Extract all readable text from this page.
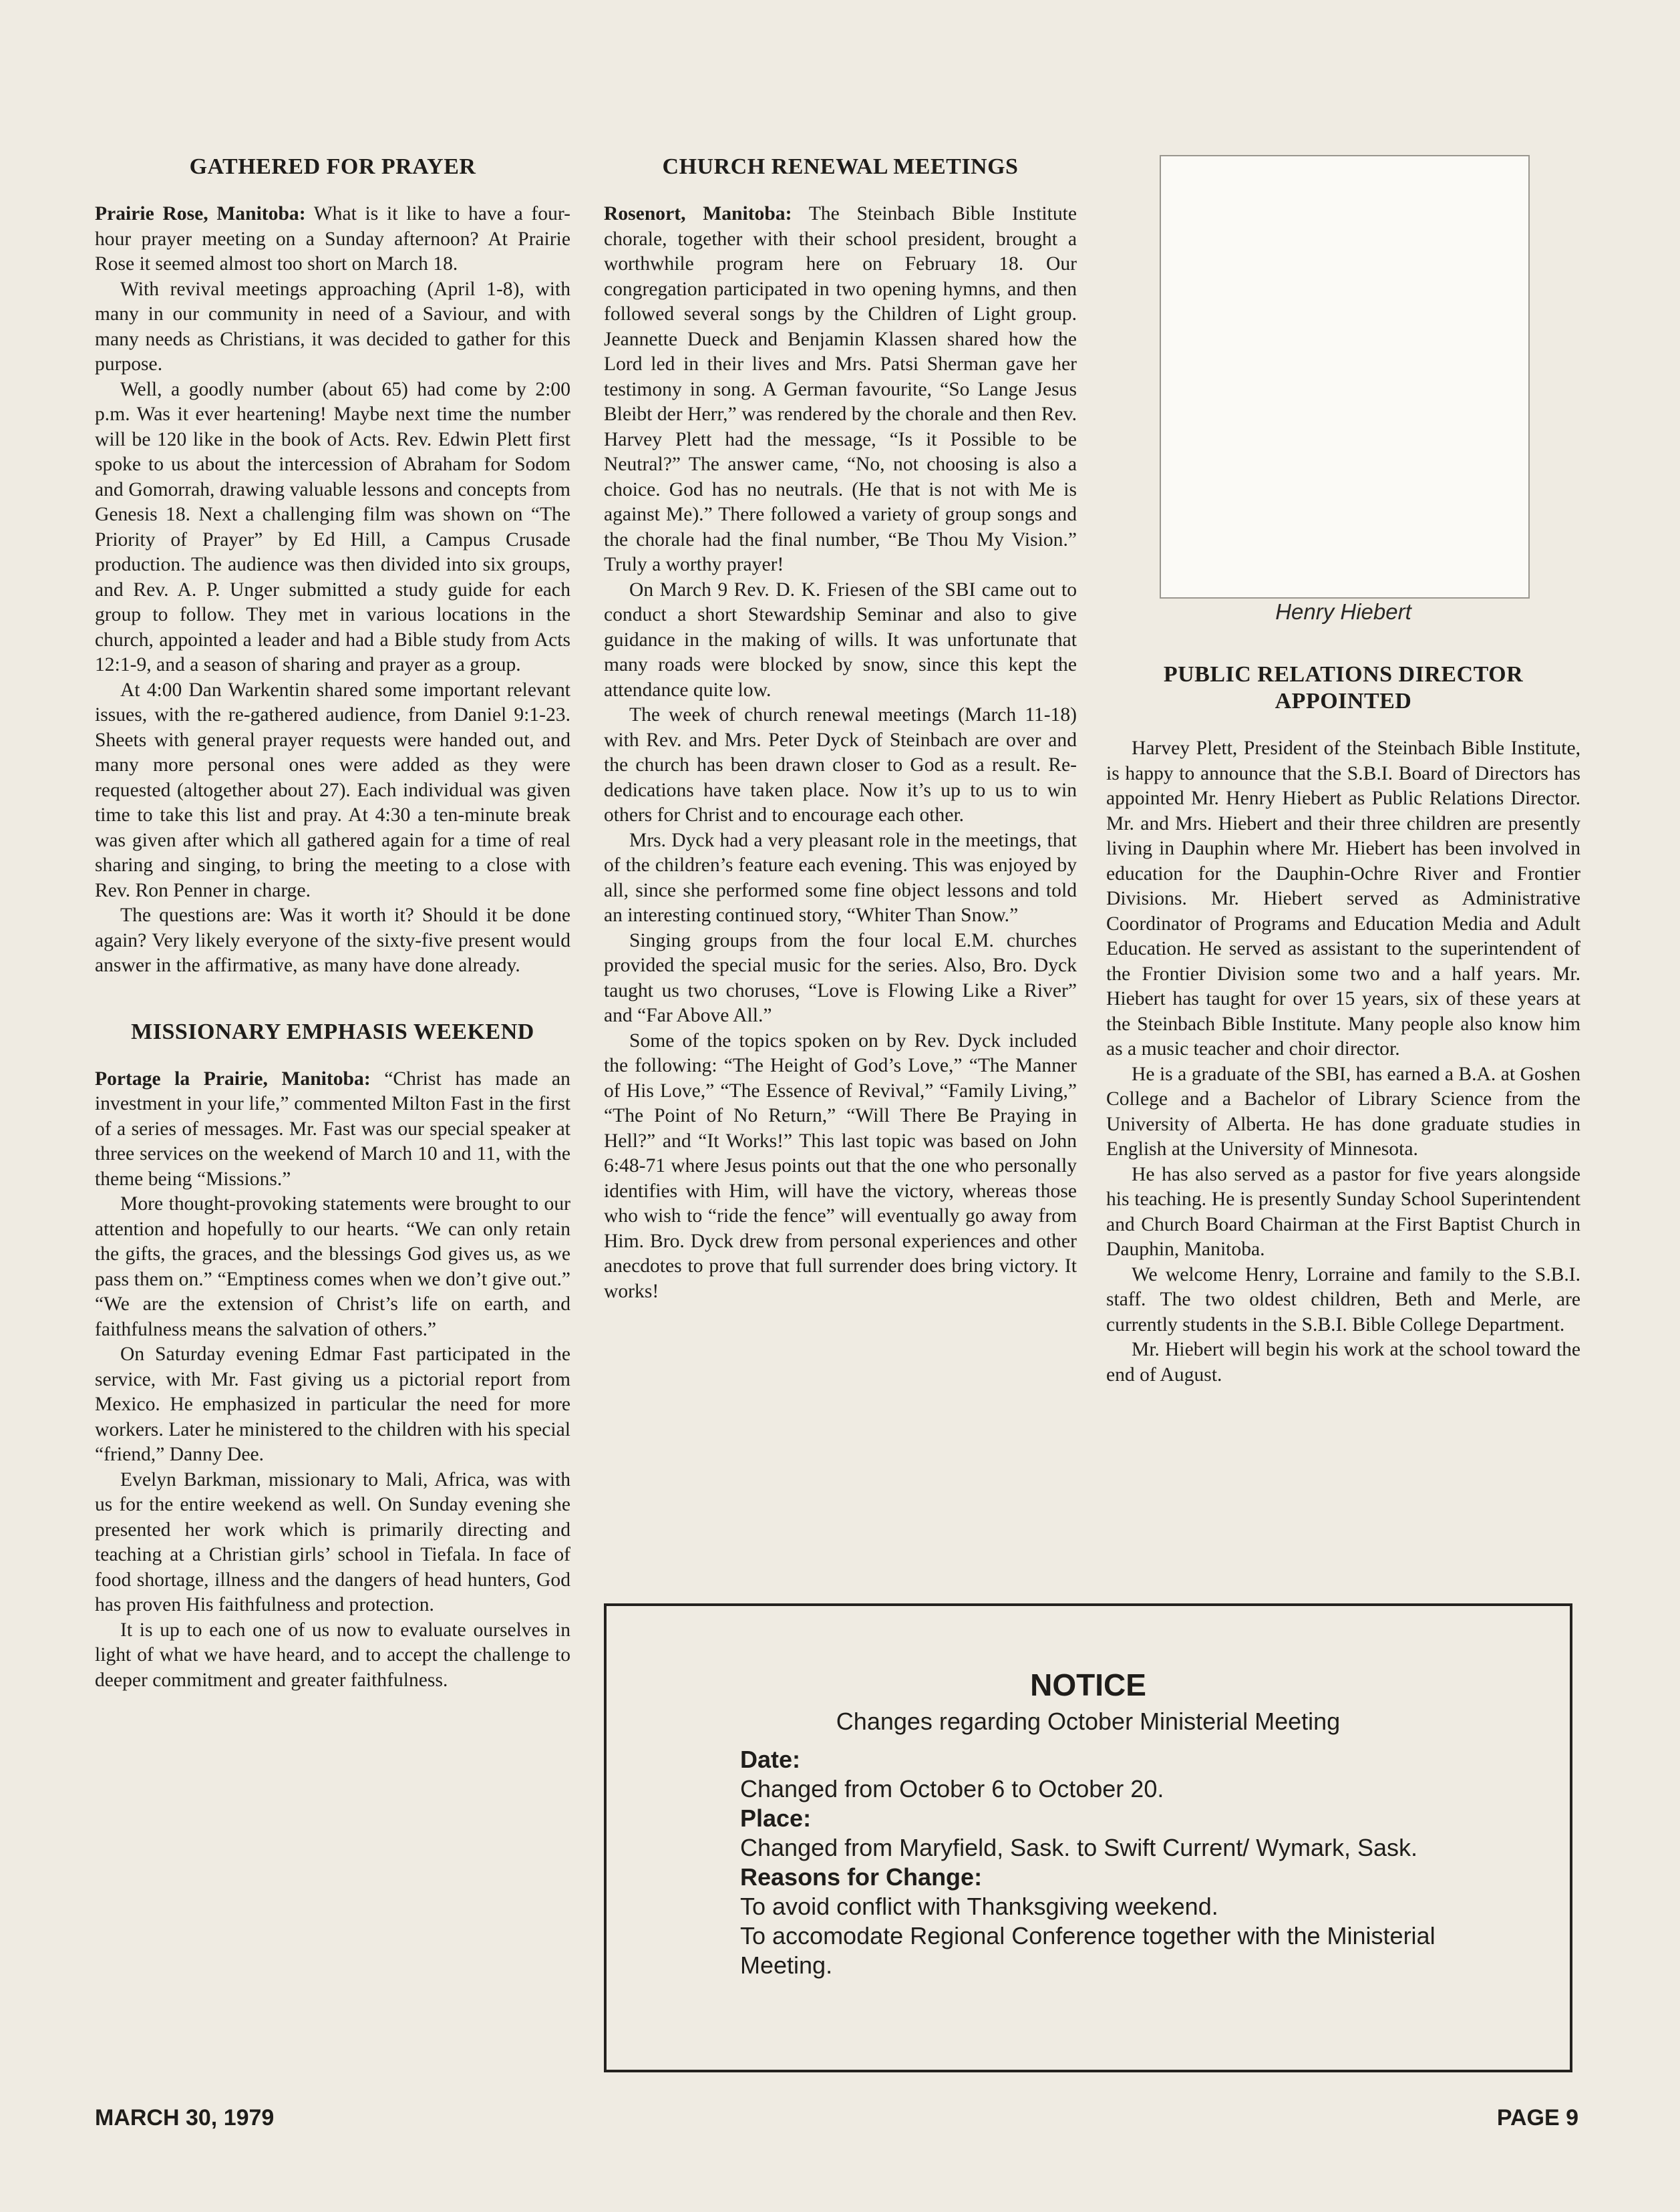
GATHERED FOR PRAYER

Prairie Rose, Manitoba: What is it like to have a four-hour prayer meeting on a Sunday afternoon? At Prairie Rose it seemed almost too short on March 18.

With revival meetings approaching (April 1-8), with many in our community in need of a Saviour, and with many needs as Christians, it was decided to gather for this purpose.

Well, a goodly number (about 65) had come by 2:00 p.m. Was it ever heartening! Maybe next time the number will be 120 like in the book of Acts. Rev. Edwin Plett first spoke to us about the intercession of Abraham for Sodom and Gomorrah, drawing valuable lessons and concepts from Genesis 18. Next a challenging film was shown on “The Priority of Prayer” by Ed Hill, a Campus Crusade production. The audience was then divided into six groups, and Rev. A. P. Unger submitted a study guide for each group to follow. They met in various locations in the church, appointed a leader and had a Bible study from Acts 12:1-9, and a season of sharing and prayer as a group.

At 4:00 Dan Warkentin shared some important relevant issues, with the re-gathered audience, from Daniel 9:1-23. Sheets with general prayer requests were handed out, and many more personal ones were added as they were requested (altogether about 27). Each individual was given time to take this list and pray. At 4:30 a ten-minute break was given after which all gathered again for a time of real sharing and singing, to bring the meeting to a close with Rev. Ron Penner in charge.

The questions are: Was it worth it? Should it be done again? Very likely everyone of the sixty-five present would answer in the affirmative, as many have done already.

MISSIONARY EMPHASIS WEEKEND

Portage la Prairie, Manitoba: “Christ has made an investment in your life,” commented Milton Fast in the first of a series of messages. Mr. Fast was our special speaker at three services on the weekend of March 10 and 11, with the theme being “Missions.”

More thought-provoking statements were brought to our attention and hopefully to our hearts. “We can only retain the gifts, the graces, and the blessings God gives us, as we pass them on.” “Emptiness comes when we don’t give out.” “We are the extension of Christ’s life on earth, and faithfulness means the salvation of others.”

On Saturday evening Edmar Fast participated in the service, with Mr. Fast giving us a pictorial report from Mexico. He emphasized in particular the need for more workers. Later he ministered to the children with his special “friend,” Danny Dee.

Evelyn Barkman, missionary to Mali, Africa, was with us for the entire weekend as well. On Sunday evening she presented her work which is primarily directing and teaching at a Christian girls’ school in Tiefala. In face of food shortage, illness and the dangers of head hunters, God has proven His faithfulness and protection.

It is up to each one of us now to evaluate ourselves in light of what we have heard, and to accept the challenge to deeper commitment and greater faithfulness.

CHURCH RENEWAL MEETINGS

Rosenort, Manitoba: The Steinbach Bible Institute chorale, together with their school president, brought a worthwhile program here on February 18. Our congregation participated in two opening hymns, and then followed several songs by the Children of Light group. Jeannette Dueck and Benjamin Klassen shared how the Lord led in their lives and Mrs. Patsi Sherman gave her testimony in song. A German favourite, “So Lange Jesus Bleibt der Herr,” was rendered by the chorale and then Rev. Harvey Plett had the message, “Is it Possible to be Neutral?” The answer came, “No, not choosing is also a choice. God has no neutrals. (He that is not with Me is against Me).” There followed a variety of group songs and the chorale had the final number, “Be Thou My Vision.” Truly a worthy prayer!

On March 9 Rev. D. K. Friesen of the SBI came out to conduct a short Stewardship Seminar and also to give guidance in the making of wills. It was unfortunate that many roads were blocked by snow, since this kept the attendance quite low.

The week of church renewal meetings (March 11-18) with Rev. and Mrs. Peter Dyck of Steinbach are over and the church has been drawn closer to God as a result. Re-dedications have taken place. Now it’s up to us to win others for Christ and to encourage each other.

Mrs. Dyck had a very pleasant role in the meetings, that of the children’s feature each evening. This was enjoyed by all, since she performed some fine object lessons and told an interesting continued story, “Whiter Than Snow.”

Singing groups from the four local E.M. churches provided the special music for the series. Also, Bro. Dyck taught us two choruses, “Love is Flowing Like a River” and “Far Above All.”

Some of the topics spoken on by Rev. Dyck included the following: “The Height of God’s Love,” “The Manner of His Love,” “The Essence of Revival,” “Family Living,” “The Point of No Return,” “Will There Be Praying in Hell?” and “It Works!” This last topic was based on John 6:48-71 where Jesus points out that the one who personally identifies with Him, will have the victory, whereas those who wish to “ride the fence” will eventually go away from Him. Bro. Dyck drew from personal experiences and other anecdotes to prove that full surrender does bring victory. It works!

Henry Hiebert
PUBLIC RELATIONS DIRECTOR APPOINTED

Harvey Plett, President of the Steinbach Bible Institute, is happy to announce that the S.B.I. Board of Directors has appointed Mr. Henry Hiebert as Public Relations Director. Mr. and Mrs. Hiebert and their three children are presently living in Dauphin where Mr. Hiebert has been involved in education for the Dauphin-Ochre River and Frontier Divisions. Mr. Hiebert served as Administrative Coordinator of Programs and Education Media and Adult Education. He served as assistant to the superintendent of the Frontier Division some two and a half years. Mr. Hiebert has taught for over 15 years, six of these years at the Steinbach Bible Institute. Many people also know him as a music teacher and choir director.

He is a graduate of the SBI, has earned a B.A. at Goshen College and a Bachelor of Library Science from the University of Alberta. He has done graduate studies in English at the University of Minnesota.

He has also served as a pastor for five years alongside his teaching. He is presently Sunday School Superintendent and Church Board Chairman at the First Baptist Church in Dauphin, Manitoba.

We welcome Henry, Lorraine and family to the S.B.I. staff. The two oldest children, Beth and Merle, are currently students in the S.B.I. Bible College Department.

Mr. Hiebert will begin his work at the school toward the end of August.

NOTICE
Changes regarding October Ministerial Meeting
Date:
Changed from October 6 to October 20.
Place:
Changed from Maryfield, Sask. to Swift Current/ Wymark, Sask.
Reasons for Change:
To avoid conflict with Thanksgiving weekend.
To accomodate Regional Conference together with the Ministerial Meeting.
MARCH 30, 1979	PAGE 9
